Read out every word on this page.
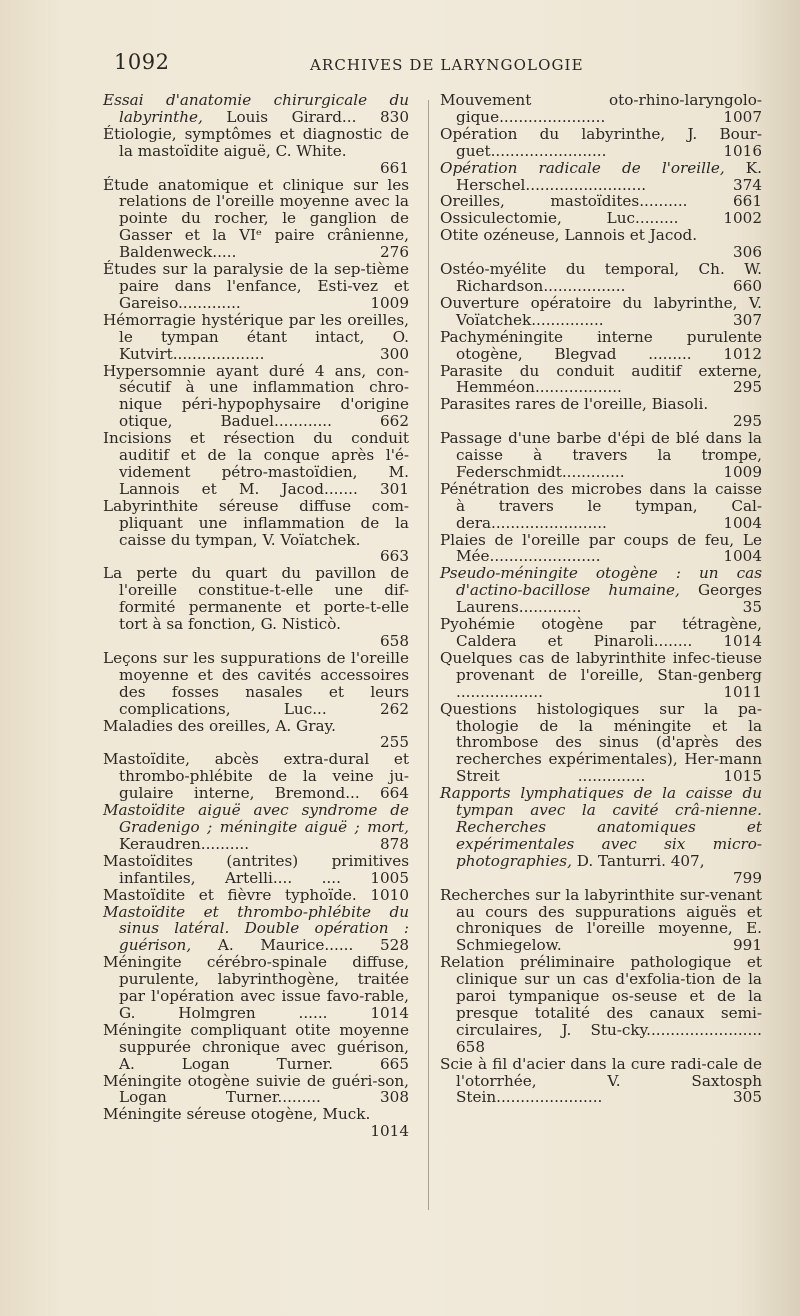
1092	ARCHIVES DE LARYNGOLOGIE

Essai d'anatomie chirurgicale du labyrinthe, Louis Girard... 830

Étiologie, symptômes et diagnostic de la mastoïdite aiguë, C. White.
661

Étude anatomique et clinique sur les relations de l'oreille moyenne avec la pointe du rocher, le ganglion de Gasser et la VIᵉ paire crânienne, Baldenweck..... 276

Études sur la paralysie de la sep-tième paire dans l'enfance, Esti-vez et Gareiso............. 1009

Hémorragie hystérique par les oreilles, le tympan étant intact, O. Kutvirt................... 300

Hypersomnie ayant duré 4 ans, con-sécutif à une inflammation chro-nique péri-hypophysaire d'origine otique, Baduel............ 662

Incisions et résection du conduit auditif et de la conque après l'é-videment pétro-mastoïdien, M. Lannois et M. Jacod....... 301

Labyrinthite séreuse diffuse com-pliquant une inflammation de la caisse du tympan, V. Voïatchek.
663

La perte du quart du pavillon de l'oreille constitue-t-elle une dif-formité permanente et porte-t-elle tort à sa fonction, G. Nisticò.
658

Leçons sur les suppurations de l'oreille moyenne et des cavités accessoires des fosses nasales et leurs complications, Luc... 262

Maladies des oreilles, A. Gray.
255

Mastoïdite, abcès extra-dural et thrombo-phlébite de la veine ju-gulaire interne, Bremond... 664

Mastoïdite aiguë avec syndrome de Gradenigo ; méningite aiguë ; mort, Keraudren.......... 878

Mastoïdites (antrites) primitives infantiles, Artelli.... .... 1005

Mastoïdite et fièvre typhoïde. 1010

Mastoïdite et thrombo-phlébite du sinus latéral. Double opération : guérison, A. Maurice...... 528

Méningite cérébro-spinale diffuse, purulente, labyrinthogène, traitée par l'opération avec issue favo-rable, G. Holmgren ...... 1014

Méningite compliquant otite moyenne suppurée chronique avec guérison, A. Logan Turner. 665

Méningite otogène suivie de guéri-son, Logan Turner......... 308

Méningite séreuse otogène, Muck.
1014

Mouvement oto-rhino-laryngolo-gique...................... 1007

Opération du labyrinthe, J. Bour-guet........................ 1016

Opération radicale de l'oreille, K. Herschel......................... 374

Oreilles, mastoïdites.......... 661

Ossiculectomie, Luc......... 1002

Otite ozéneuse, Lannois et Jacod.
306

Ostéo-myélite du temporal, Ch. W. Richardson................. 660

Ouverture opératoire du labyrinthe, V. Voïatchek............... 307

Pachyméningite interne purulente otogène, Blegvad ......... 1012

Parasite du conduit auditif externe, Hemméon.................. 295

Parasites rares de l'oreille, Biasoli.
295

Passage d'une barbe d'épi de blé dans la caisse à travers la trompe, Federschmidt............. 1009

Pénétration des microbes dans la caisse à travers le tympan, Cal-dera........................ 1004

Plaies de l'oreille par coups de feu, Le Mée....................... 1004

Pseudo-méningite otogène : un cas d'actino-bacillose humaine, Georges Laurens............. 35

Pyohémie otogène par tétragène, Caldera et Pinaroli........ 1014

Quelques cas de labyrinthite infec-tieuse provenant de l'oreille, Stan-genberg .................. 1011

Questions histologiques sur la pa-thologie de la méningite et la thrombose des sinus (d'après des recherches expérimentales), Her-mann Streit .............. 1015

Rapports lymphatiques de la caisse du tympan avec la cavité crâ-nienne. Recherches anatomiques et expérimentales avec six micro-photographies, D. Tanturri. 407,
799

Recherches sur la labyrinthite sur-venant au cours des suppurations aiguës et chroniques de l'oreille moyenne, E. Schmiegelow. 991

Relation préliminaire pathologique et clinique sur un cas d'exfolia-tion de la paroi tympanique os-seuse et de la presque totalité des canaux semi-circulaires, J. Stu-cky........................ 658

Scie à fil d'acier dans la cure radi-cale de l'otorrhée, V. Saxtosph Stein...................... 305
